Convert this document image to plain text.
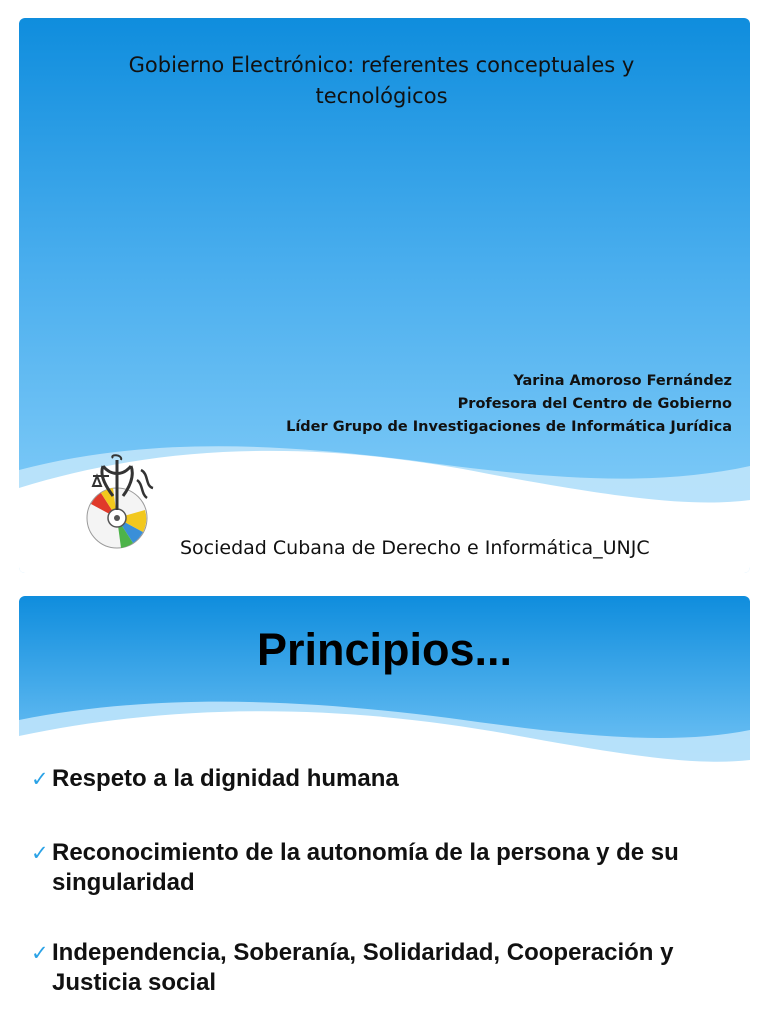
Gobierno Electrónico: referentes conceptuales y
tecnológicos
Yarina Amoroso Fernández
Profesora del Centro de Gobierno
Líder Grupo de Investigaciones de Informática Jurídica
Sociedad Cubana de Derecho e Informática_UNJC
Principios...
✓ Respeto a la dignidad humana
✓ Reconocimiento de la autonomía de la persona y de su
singularidad
✓ Independencia, Soberanía, Solidaridad, Cooperación y
Justicia social
